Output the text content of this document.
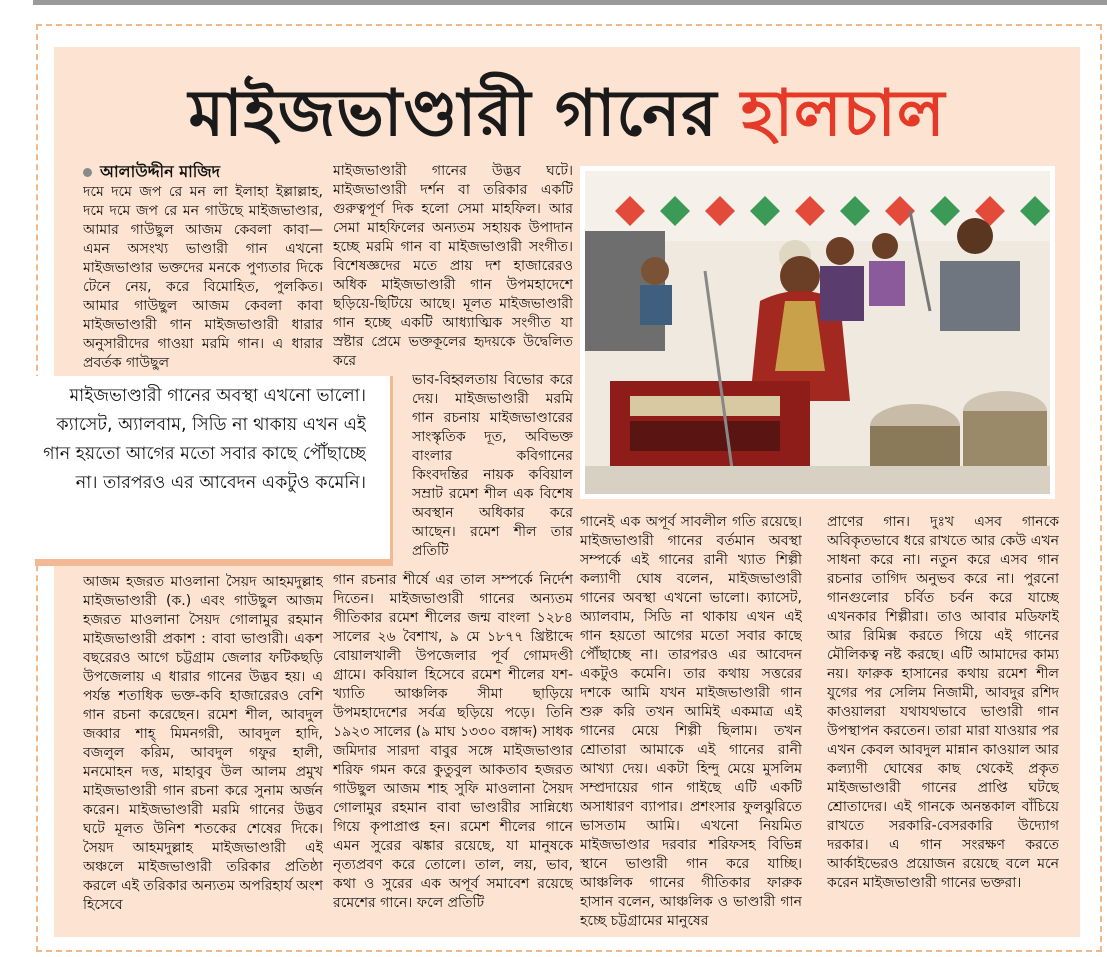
মাইজভাণ্ডারী গানের হালচাল
আলাউদ্দীন মাজিদ

দমে দমে জপ রে মন লা ইলাহা ইল্লাল্লাহ, দমে দমে জপ রে মন গাউছে মাইজভাণ্ডার, আমার গাউছুল আজম কেবলা কাবা— এমন অসংখ্য ভাণ্ডারী গান এখনো মাইজভাণ্ডার ভক্তদের মনকে পুণ্যতার দিকে টেনে নেয়, করে বিমোহিত, পুলকিত। আমার গাউছুল আজম কেবলা কাবা মাইজভাণ্ডারী গান মাইজভাণ্ডারী ধারার অনুসারীদের গাওয়া মরমি গান। এ ধারার প্রবর্তক গাউছুল

মাইজভাণ্ডারী গানের অবস্থা এখনো ভালো। ক্যাসেট, অ্যালবাম, সিডি না থাকায় এখন এই গান হয়তো আগের মতো সবার কাছে পৌঁছাচ্ছে না। তারপরও এর আবেদন একটুও কমেনি।

আজম হজরত মাওলানা সৈয়দ আহমদুল্লাহ মাইজভাণ্ডারী (ক.) এবং গাউছুল আজম হজরত মাওলানা সৈয়দ গোলামুর রহমান মাইজভাণ্ডারী প্রকাশ : বাবা ভাণ্ডারী। একশ বছরেরও আগে চট্টগ্রাম জেলার ফটিকছড়ি উপজেলায় এ ধারার গানের উদ্ভব হয়। এ পর্যন্ত শতাধিক ভক্ত-কবি হাজারেরও বেশি গান রচনা করেছেন। রমেশ শীল, আবদুল জব্বার শাহ্ মিমনগরী, আবদুল হাদি, বজলুল করিম, আবদুল গফুর হালী, মনমোহন দত্ত, মাহাবুব উল আলম প্রমুখ মাইজভাণ্ডারী গান রচনা করে সুনাম অর্জন করেন। মাইজভাণ্ডারী মরমি গানের উদ্ভব ঘটে মূলত উনিশ শতকের শেষের দিকে। সৈয়দ আহমদুল্লাহ মাইজভাণ্ডারী এই অঞ্চলে মাইজভাণ্ডারী তরিকার প্রতিষ্ঠা করলে এই তরিকার অন্যতম অপরিহার্য অংশ হিসেবে

মাইজভাণ্ডারী গানের উদ্ভব ঘটে। মাইজভাণ্ডারী দর্শন বা তরিকার একটি গুরুত্বপূর্ণ দিক হলো সেমা মাহফিল। আর সেমা মাহফিলের অন্যতম সহায়ক উপাদান হচ্ছে মরমি গান বা মাইজভাণ্ডারী সংগীত। বিশেষজ্ঞদের মতে প্রায় দশ হাজারেরও অধিক মাইজভাণ্ডারী গান উপমহাদেশে ছড়িয়ে-ছিটিয়ে আছে। মূলত মাইজভাণ্ডারী গান হচ্ছে একটি আধ্যাত্মিক সংগীত যা স্রষ্টার প্রেমে ভক্তকূলের হৃদয়কে উদ্বেলিত করে

ভাব-বিহ্বলতায় বিভোর করে দেয়। মাইজভাণ্ডারী মরমি গান রচনায় মাইজভাণ্ডারের সাংস্কৃতিক দূত, অবিভক্ত বাংলার কবিগানের কিংবদন্তির নায়ক কবিয়াল সম্রাট রমেশ শীল এক বিশেষ অবস্থান অধিকার করে আছেন। রমেশ শীল তার প্রতিটি

গান রচনার শীর্ষে এর তাল সম্পর্কে নির্দেশ দিতেন। মাইজভাণ্ডারী গানের অন্যতম গীতিকার রমেশ শীলের জন্ম বাংলা ১২৮৪ সালের ২৬ বৈশাখ, ৯ মে ১৮৭৭ খ্রিষ্টাব্দে বোয়ালখালী উপজেলার পূর্ব গোমদণ্ডী গ্রামে। কবিয়াল হিসেবে রমেশ শীলের যশ-খ্যাতি আঞ্চলিক সীমা ছাড়িয়ে উপমহাদেশের সর্বত্র ছড়িয়ে পড়ে। তিনি ১৯২৩ সালের (৯ মাঘ ১৩৩০ বঙ্গাব্দ) সাধক জমিদার সারদা বাবুর সঙ্গে মাইজভাণ্ডার শরিফ গমন করে কুতুবুল আকতাব হজরত গাউছুল আজম শাহ সুফি মাওলানা সৈয়দ গোলামুর রহমান বাবা ভাণ্ডারীর সান্নিধ্যে গিয়ে কৃপাপ্রাপ্ত হন। রমেশ শীলের গানে এমন সুরের ঝঙ্কার রয়েছে, যা মানুষকে নৃত্যপ্রবণ করে তোলে। তাল, লয়, ভাব, কথা ও সুরের এক অপূর্ব সমাবেশ রয়েছে রমেশের গানে। ফলে প্রতিটি

গানেই এক অপূর্ব সাবলীল গতি রয়েছে। মাইজভাণ্ডারী গানের বর্তমান অবস্থা সম্পর্কে এই গানের রানী খ্যাত শিল্পী কল্যাণী ঘোষ বলেন, মাইজভাণ্ডারী গানের অবস্থা এখনো ভালো। ক্যাসেট, অ্যালবাম, সিডি না থাকায় এখন এই গান হয়তো আগের মতো সবার কাছে পৌঁছাচ্ছে না। তারপরও এর আবেদন একটুও কমেনি। তার কথায় সত্তরের দশকে আমি যখন মাইজভাণ্ডারী গান শুরু করি তখন আমিই একমাত্র এই গানের মেয়ে শিল্পী ছিলাম। তখন শ্রোতারা আমাকে এই গানের রানী আখ্যা দেয়। একটা হিন্দু মেয়ে মুসলিম সম্প্রদায়ের গান গাইছে এটি একটি অসাধারণ ব্যাপার। প্রশংসার ফুলঝুরিতে ভাসতাম আমি। এখনো নিয়মিত মাইজভাণ্ডার দরবার শরিফসহ বিভিন্ন স্থানে ভাণ্ডারী গান করে যাচ্ছি। আঞ্চলিক গানের গীতিকার ফারুক হাসান বলেন, আঞ্চলিক ও ভাণ্ডারী গান হচ্ছে চট্টগ্রামের মানুষের

প্রাণের গান। দুঃখ এসব গানকে অবিকৃতভাবে ধরে রাখতে আর কেউ এখন সাধনা করে না। নতুন করে এসব গান রচনার তাগিদ অনুভব করে না। পুরনো গানগুলোর চর্বিত চর্বন করে যাচ্ছে এখনকার শিল্পীরা। তাও আবার মডিফাই আর রিমিক্স করতে গিয়ে এই গানের মৌলিকত্ব নষ্ট করছে। এটি আমাদের কাম্য নয়। ফারুক হাসানের কথায় রমেশ শীল যুগের পর সেলিম নিজামী, আবদুর রশিদ কাওয়ালরা যথাযথভাবে ভাণ্ডারী গান উপস্থাপন করতেন। তারা মারা যাওয়ার পর এখন কেবল আবদুল মান্নান কাওয়াল আর কল্যাণী ঘোষের কাছ থেকেই প্রকৃত মাইজভাণ্ডারী গানের প্রাপ্তি ঘটছে শ্রোতাদের। এই গানকে অনন্তকাল বাঁচিয়ে রাখতে সরকারি-বেসরকারি উদ্যোগ দরকার। এ গান সংরক্ষণ করতে আর্কাইভেরও প্রয়োজন রয়েছে বলে মনে করেন মাইজভাণ্ডারী গানের ভক্তরা।
